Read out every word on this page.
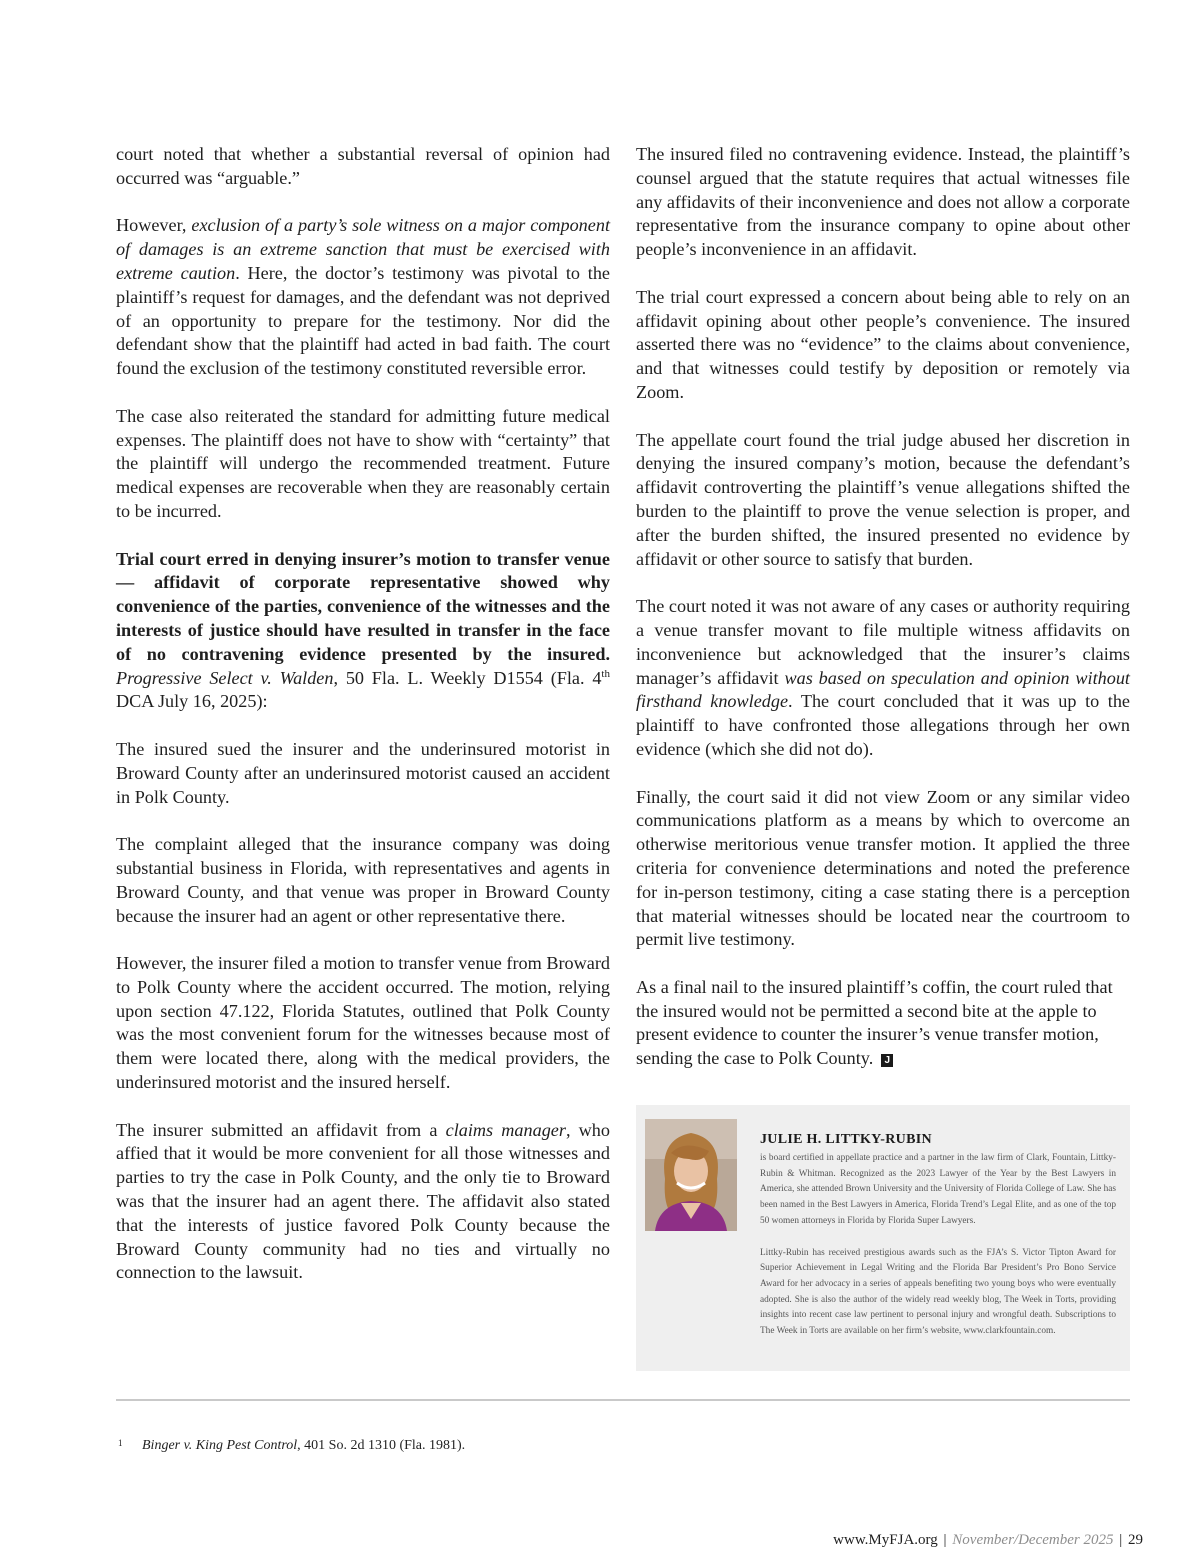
court noted that whether a substantial reversal of opinion had occurred was “arguable.”

However, exclusion of a party’s sole witness on a major component of damages is an extreme sanction that must be exercised with extreme caution. Here, the doctor’s testimony was pivotal to the plaintiff’s request for damages, and the defendant was not deprived of an opportunity to prepare for the testimony. Nor did the defendant show that the plaintiff had acted in bad faith. The court found the exclusion of the testimony constituted reversible error.

The case also reiterated the standard for admitting future medical expenses. The plaintiff does not have to show with “certainty” that the plaintiff will undergo the recommended treatment. Future medical expenses are recoverable when they are reasonably certain to be incurred.

Trial court erred in denying insurer’s motion to transfer venue — affidavit of corporate representative showed why convenience of the parties, convenience of the witnesses and the interests of justice should have resulted in transfer in the face of no contravening evidence presented by the insured. Progressive Select v. Walden, 50 Fla. L. Weekly D1554 (Fla. 4th DCA July 16, 2025):

The insured sued the insurer and the underinsured motorist in Broward County after an underinsured motorist caused an accident in Polk County.

The complaint alleged that the insurance company was doing substantial business in Florida, with representatives and agents in Broward County, and that venue was proper in Broward County because the insurer had an agent or other representative there.

However, the insurer filed a motion to transfer venue from Broward to Polk County where the accident occurred. The motion, relying upon section 47.122, Florida Statutes, outlined that Polk County was the most convenient forum for the witnesses because most of them were located there, along with the medical providers, the underinsured motorist and the insured herself.

The insurer submitted an affidavit from a claims manager, who affied that it would be more convenient for all those witnesses and parties to try the case in Polk County, and the only tie to Broward was that the insurer had an agent there. The affidavit also stated that the interests of justice favored Polk County because the Broward County community had no ties and virtually no connection to the lawsuit.

The insured filed no contravening evidence. Instead, the plaintiff’s counsel argued that the statute requires that actual witnesses file any affidavits of their inconvenience and does not allow a corporate representative from the insurance company to opine about other people’s inconvenience in an affidavit.

The trial court expressed a concern about being able to rely on an affidavit opining about other people’s convenience. The insured asserted there was no “evidence” to the claims about convenience, and that witnesses could testify by deposition or remotely via Zoom.

The appellate court found the trial judge abused her discretion in denying the insured company’s motion, because the defendant’s affidavit controverting the plaintiff’s venue allegations shifted the burden to the plaintiff to prove the venue selection is proper, and after the burden shifted, the insured presented no evidence by affidavit or other source to satisfy that burden.

The court noted it was not aware of any cases or authority requiring a venue transfer movant to file multiple witness affidavits on inconvenience but acknowledged that the insurer’s claims manager’s affidavit was based on speculation and opinion without firsthand knowledge. The court concluded that it was up to the plaintiff to have confronted those allegations through her own evidence (which she did not do).

Finally, the court said it did not view Zoom or any similar video communications platform as a means by which to overcome an otherwise meritorious venue transfer motion. It applied the three criteria for convenience determinations and noted the preference for in-person testimony, citing a case stating there is a perception that material witnesses should be located near the courtroom to permit live testimony.

As a final nail to the insured plaintiff’s coffin, the court ruled that the insured would not be permitted a second bite at the apple to present evidence to counter the insurer’s venue transfer motion, sending the case to Polk County. J

JULIE H. LITTKY-RUBIN

is board certified in appellate practice and a partner in the law firm of Clark, Fountain, Littky-Rubin & Whitman. Recognized as the 2023 Lawyer of the Year by the Best Lawyers in America, she attended Brown University and the University of Florida College of Law. She has been named in the Best Lawyers in America, Florida Trend’s Legal Elite, and as one of the top 50 women attorneys in Florida by Florida Super Lawyers.

Littky-Rubin has received prestigious awards such as the FJA’s S. Victor Tipton Award for Superior Achievement in Legal Writing and the Florida Bar President’s Pro Bono Service Award for her advocacy in a series of appeals benefiting two young boys who were eventually adopted. She is also the author of the widely read weekly blog, The Week in Torts, providing insights into recent case law pertinent to personal injury and wrongful death. Subscriptions to The Week in Torts are available on her firm’s website, www.clarkfountain.com.

1 Binger v. King Pest Control, 401 So. 2d 1310 (Fla. 1981).
www.MyFJA.org | November/December 2025 | 29
